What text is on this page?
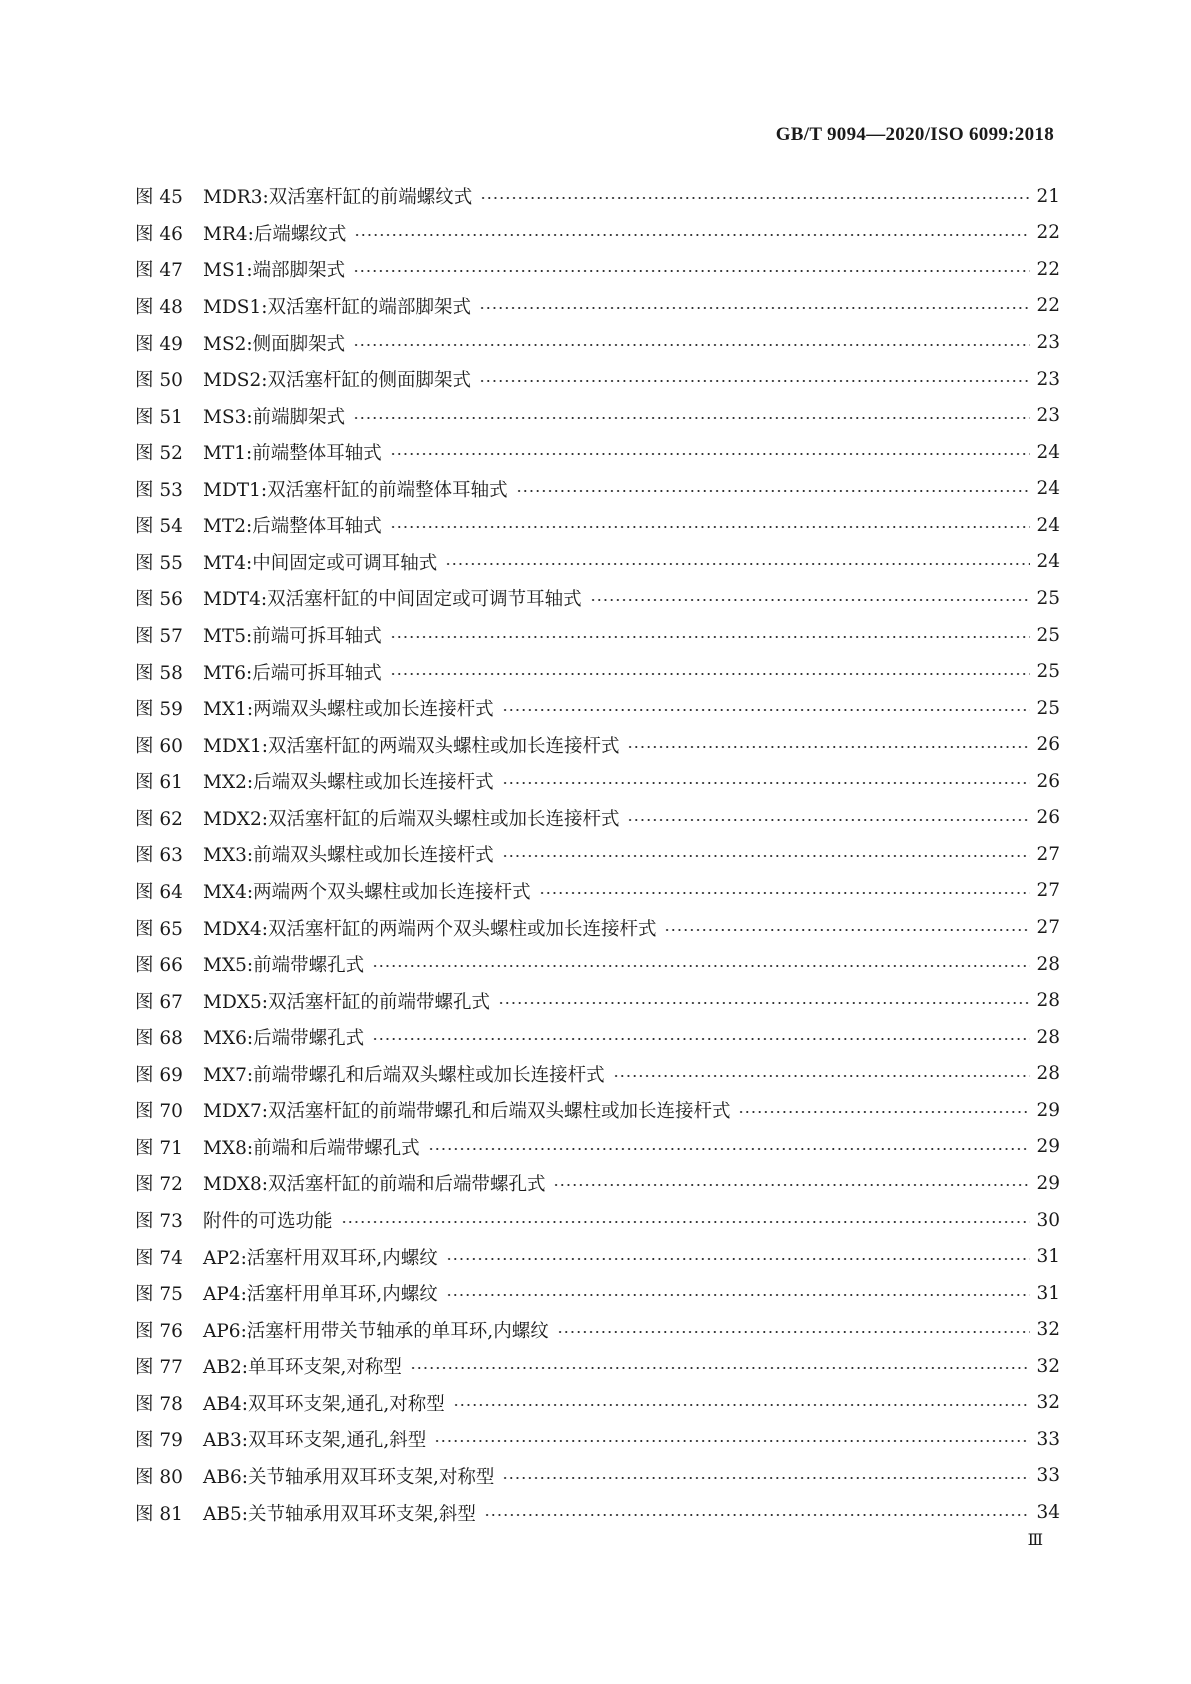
GB/T 9094—2020/ISO 6099:2018
图 45	MDR3:双活塞杆缸的前端螺纹式	21
图 46	MR4:后端螺纹式	22
图 47	MS1:端部脚架式	22
图 48	MDS1:双活塞杆缸的端部脚架式	22
图 49	MS2:侧面脚架式	23
图 50	MDS2:双活塞杆缸的侧面脚架式	23
图 51	MS3:前端脚架式	23
图 52	MT1:前端整体耳轴式	24
图 53	MDT1:双活塞杆缸的前端整体耳轴式	24
图 54	MT2:后端整体耳轴式	24
图 55	MT4:中间固定或可调耳轴式	24
图 56	MDT4:双活塞杆缸的中间固定或可调节耳轴式	25
图 57	MT5:前端可拆耳轴式	25
图 58	MT6:后端可拆耳轴式	25
图 59	MX1:两端双头螺柱或加长连接杆式	25
图 60	MDX1:双活塞杆缸的两端双头螺柱或加长连接杆式	26
图 61	MX2:后端双头螺柱或加长连接杆式	26
图 62	MDX2:双活塞杆缸的后端双头螺柱或加长连接杆式	26
图 63	MX3:前端双头螺柱或加长连接杆式	27
图 64	MX4:两端两个双头螺柱或加长连接杆式	27
图 65	MDX4:双活塞杆缸的两端两个双头螺柱或加长连接杆式	27
图 66	MX5:前端带螺孔式	28
图 67	MDX5:双活塞杆缸的前端带螺孔式	28
图 68	MX6:后端带螺孔式	28
图 69	MX7:前端带螺孔和后端双头螺柱或加长连接杆式	28
图 70	MDX7:双活塞杆缸的前端带螺孔和后端双头螺柱或加长连接杆式	29
图 71	MX8:前端和后端带螺孔式	29
图 72	MDX8:双活塞杆缸的前端和后端带螺孔式	29
图 73	附件的可选功能	30
图 74	AP2:活塞杆用双耳环,内螺纹	31
图 75	AP4:活塞杆用单耳环,内螺纹	31
图 76	AP6:活塞杆用带关节轴承的单耳环,内螺纹	32
图 77	AB2:单耳环支架,对称型	32
图 78	AB4:双耳环支架,通孔,对称型	32
图 79	AB3:双耳环支架,通孔,斜型	33
图 80	AB6:关节轴承用双耳环支架,对称型	33
图 81	AB5:关节轴承用双耳环支架,斜型	34
Ⅲ
